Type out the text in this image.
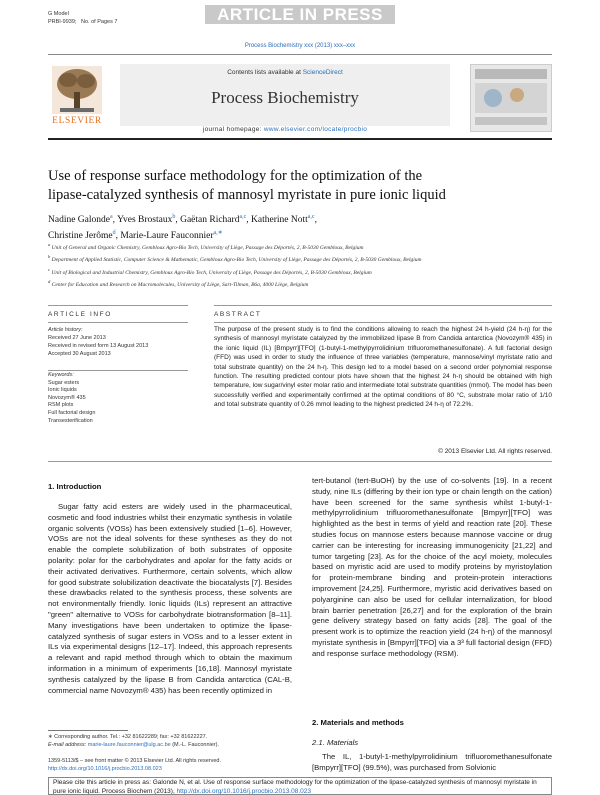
G Model
PRBI-9939; No. of Pages 7	ARTICLE IN PRESS
Process Biochemistry xxx (2013) xxx–xxx
ELSEVIER
Contents lists available at ScienceDirect
Process Biochemistry
journal homepage: www.elsevier.com/locate/procbio
Use of response surface methodology for the optimization of the
lipase-catalyzed synthesis of mannosyl myristate in pure ionic liquid
Nadine Galonde$^a$, Yves Brostaux$^b$, Gaëtan Richard$^{a,c}$, Katherine Nott$^{a,c}$,
Christine Jerôme$^d$, Marie-Laure Fauconnier$^{a,∗}$
$^a$ Unit of General and Organic Chemistry, Gembloux Agro-Bio Tech, University of Liège, Passage des Déportés, 2, B-5030 Gembloux, Belgium
$^b$ Department of Applied Statistic, Computer Science & Mathematic, Gembloux Agro-Bio Tech, University of Liège, Passage des Déportés, 2, B-5030 Gembloux, Belgium
$^c$ Unit of Biological and Industrial Chemistry, Gembloux Agro-Bio Tech, University of Liège, Passage des Déportés, 2, B-5030 Gembloux, Belgium
$^d$ Center for Education and Research on Macromolecules, University of Liège, Sart-Tilman, B6a, 4000 Liège, Belgium
ARTICLE INFO
Article history:
Received 27 June 2013
Received in revised form 13 August 2013
Accepted 30 August 2013
Keywords:
Sugar esters
Ionic liquids
Novozym® 435
RSM plots
Full factorial design
Transesterification
ABSTRACT
The purpose of the present study is to find the conditions allowing to reach the highest 24 h-yield (24 h-η) for the synthesis of mannosyl myristate catalyzed by the immobilized lipase B from Candida antarctica (Novozym® 435) in the ionic liquid (IL) [Bmpyrr][TFO] (1-butyl-1-methylpyrrolidinium trifluoromethanesulfonate). A full factorial design (FFD) was used in order to study the influence of three variables (temperature, mannose/vinyl myristate ratio and total substrate quantity) on the 24 h-η. This design led to a model based on a second order polynomial response function. The resulting predicted contour plots have shown that the highest 24 h-η should be obtained with high temperature, low sugar/vinyl ester molar ratio and intermediate total substrate quantities (mmol). The model has been successfully verified and experimentally confirmed at the optimal conditions of 80 °C, substrate molar ratio of 1/10 and total substrate quantity of 0.26 mmol leading to the highest predicted 24 h-η of 72.2%.
© 2013 Elsevier Ltd. All rights reserved.
1. Introduction

Sugar fatty acid esters are widely used in the pharmaceutical, cosmetic and food industries whilst their enzymatic synthesis in volatile organic solvents (VOSs) has been extensively studied [1–6]. However, VOSs are not the ideal solvents for these syntheses as they do not enable the complete solubilization of both substrates of opposite polarity: polar for the carbohydrates and apolar for the fatty acids or their activated derivatives. Furthermore, certain solvents, which allow for good substrate solubilization deactivate the biocatalysts [7]. Besides these drawbacks related to the synthesis process, these solvents are not environmentally friendly. Ionic liquids (ILs) represent an attractive "green" alternative to VOSs for carbohydrate biotransformation [8–11]. Many investigations have been undertaken to optimize the lipase-catalyzed synthesis of sugar esters in VOSs and to a lesser extent in ILs via experimental designs [12–17]. Indeed, this approach represents a relevant and rapid method through which to obtain the maximum information in a minimum of experiments [16,18]. Mannosyl myristate synthesis catalyzed by the lipase B from Candida antarctica (CAL-B, commercial name Novozym® 435) has been recently optimized in

tert-butanol (tert-BuOH) by the use of co-solvents [19]. In a recent study, nine ILs (differing by their ion type or chain length on the cation) have been screened for the same synthesis whilst 1-butyl-1-methylpyrrolidinium trifluoromethanesulfonate [Bmpyrr][TFO] was highlighted as the best in terms of yield and reaction rate [20]. These studies focus on mannose esters because mannose vaccine or drug carrier can be interesting for increasing immunogenicity [21,22] and tumor targeting [23]. As for the choice of the acyl moiety, molecules based on myristic acid are used to modify proteins by myristoylation for protein-membrane binding and protein-protein interactions improvement [24,25]. Furthermore, myristic acid derivatives based on polyarginine can also be used for cellular internalization, for blood brain barrier penetration [26,27] and for the exploration of the brain gene delivery strategy based on fatty acids [28]. The goal of the present work is to optimize the reaction yield (24 h-η) of the mannosyl myristate synthesis in [Bmpyrr][TFO] via a 3³ full factorial design (FFD) and response surface methodology (RSM).
2. Materials and methods
2.1. Materials

The IL, 1-butyl-1-methylpyrrolidinium trifluoromethanesulfonate [Bmpyrr][TFO] (99.5%), was purchased from Solvionic

∗ Corresponding author. Tel.: +32 81622289; fax: +32 81622227.
E-mail address: marie-laure.fauconnier@ulg.ac.be (M.-L. Fauconnier).
1359-5113/$ – see front matter © 2013 Elsevier Ltd. All rights reserved.
http://dx.doi.org/10.1016/j.procbio.2013.08.023
Please cite this article in press as: Galonde N, et al. Use of response surface methodology for the optimization of the lipase-catalyzed synthesis of mannosyl myristate in pure ionic liquid. Process Biochem (2013), http://dx.doi.org/10.1016/j.procbio.2013.08.023
